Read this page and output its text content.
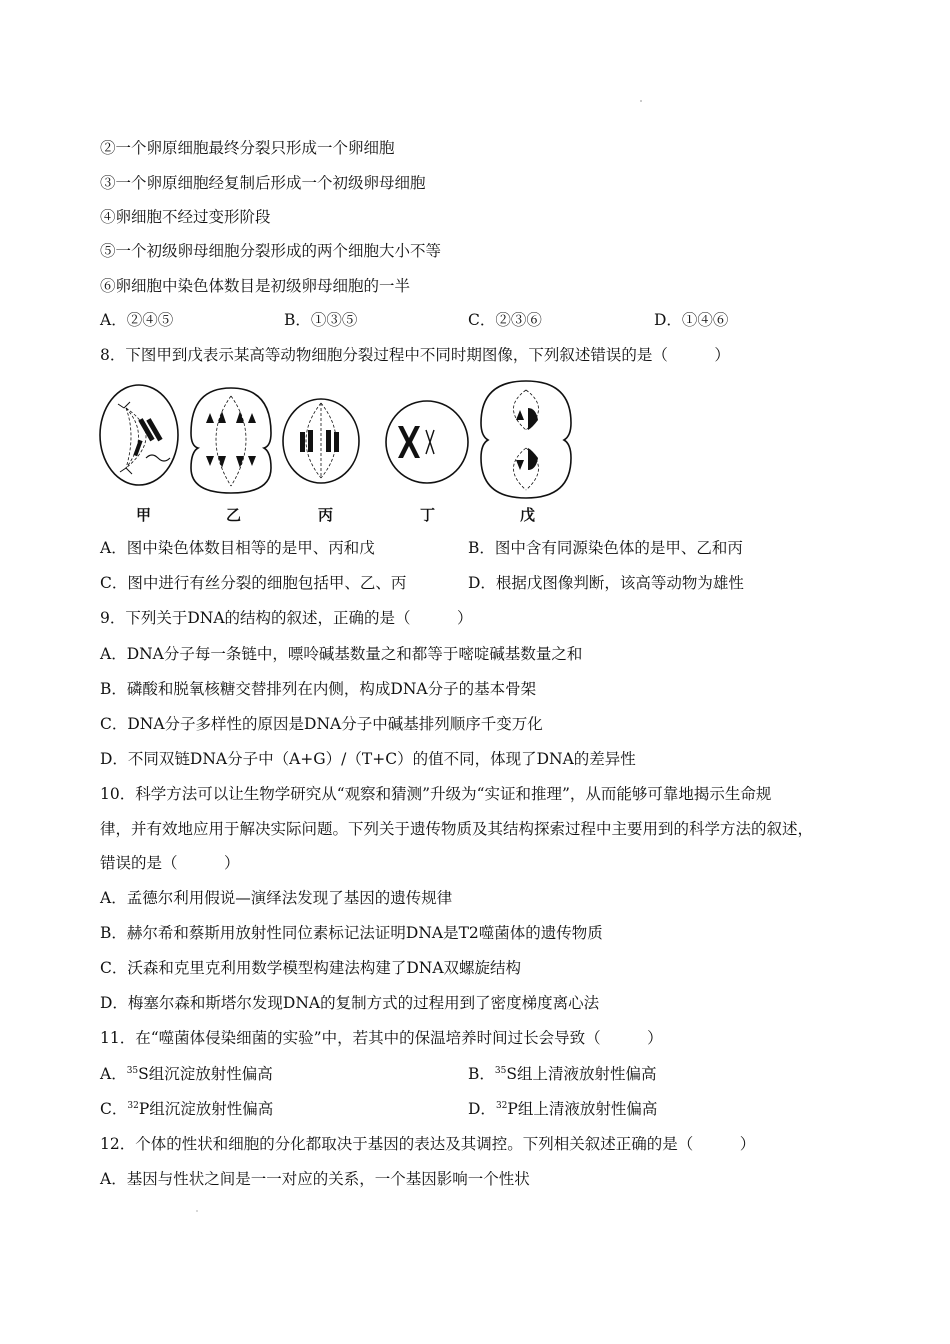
②一个卵原细胞最终分裂只形成一个卵细胞
③一个卵原细胞经复制后形成一个初级卵母细胞
④卵细胞不经过变形阶段
⑤一个初级卵母细胞分裂形成的两个细胞大小不等
⑥卵细胞中染色体数目是初级卵母细胞的一半
A．②④⑤	B．①③⑤	C．②③⑥	D．①④⑥
8．下图甲到戊表示某高等动物细胞分裂过程中不同时期图像，下列叙述错误的是（　　　）
甲	乙	丙	丁	戊
A．图中染色体数目相等的是甲、丙和戊	B．图中含有同源染色体的是甲、乙和丙
C．图中进行有丝分裂的细胞包括甲、乙、丙	D．根据戊图像判断，该高等动物为雄性
9．下列关于DNA的结构的叙述，正确的是（　　　）
A．DNA分子每一条链中，嘌呤碱基数量之和都等于嘧啶碱基数量之和
B．磷酸和脱氧核糖交替排列在内侧，构成DNA分子的基本骨架
C．DNA分子多样性的原因是DNA分子中碱基排列顺序千变万化
D．不同双链DNA分子中（A+G）/（T+C）的值不同，体现了DNA的差异性
10．科学方法可以让生物学研究从“观察和猜测”升级为“实证和推理”，从而能够可靠地揭示生命规
律，并有效地应用于解决实际问题。下列关于遗传物质及其结构探索过程中主要用到的科学方法的叙述，
错误的是（　　　）
A．孟德尔利用假说—演绎法发现了基因的遗传规律
B．赫尔希和蔡斯用放射性同位素标记法证明DNA是T2噬菌体的遗传物质
C．沃森和克里克利用数学模型构建法构建了DNA双螺旋结构
D．梅塞尔森和斯塔尔发现DNA的复制方式的过程用到了密度梯度离心法
11．在“噬菌体侵染细菌的实验”中，若其中的保温培养时间过长会导致（　　　）
A．$^{35}$S组沉淀放射性偏高	B．$^{35}$S组上清液放射性偏高
C．$^{32}$P组沉淀放射性偏高	D．$^{32}$P组上清液放射性偏高
12．个体的性状和细胞的分化都取决于基因的表达及其调控。下列相关叙述正确的是（　　　）
A．基因与性状之间是一一对应的关系，一个基因影响一个性状
